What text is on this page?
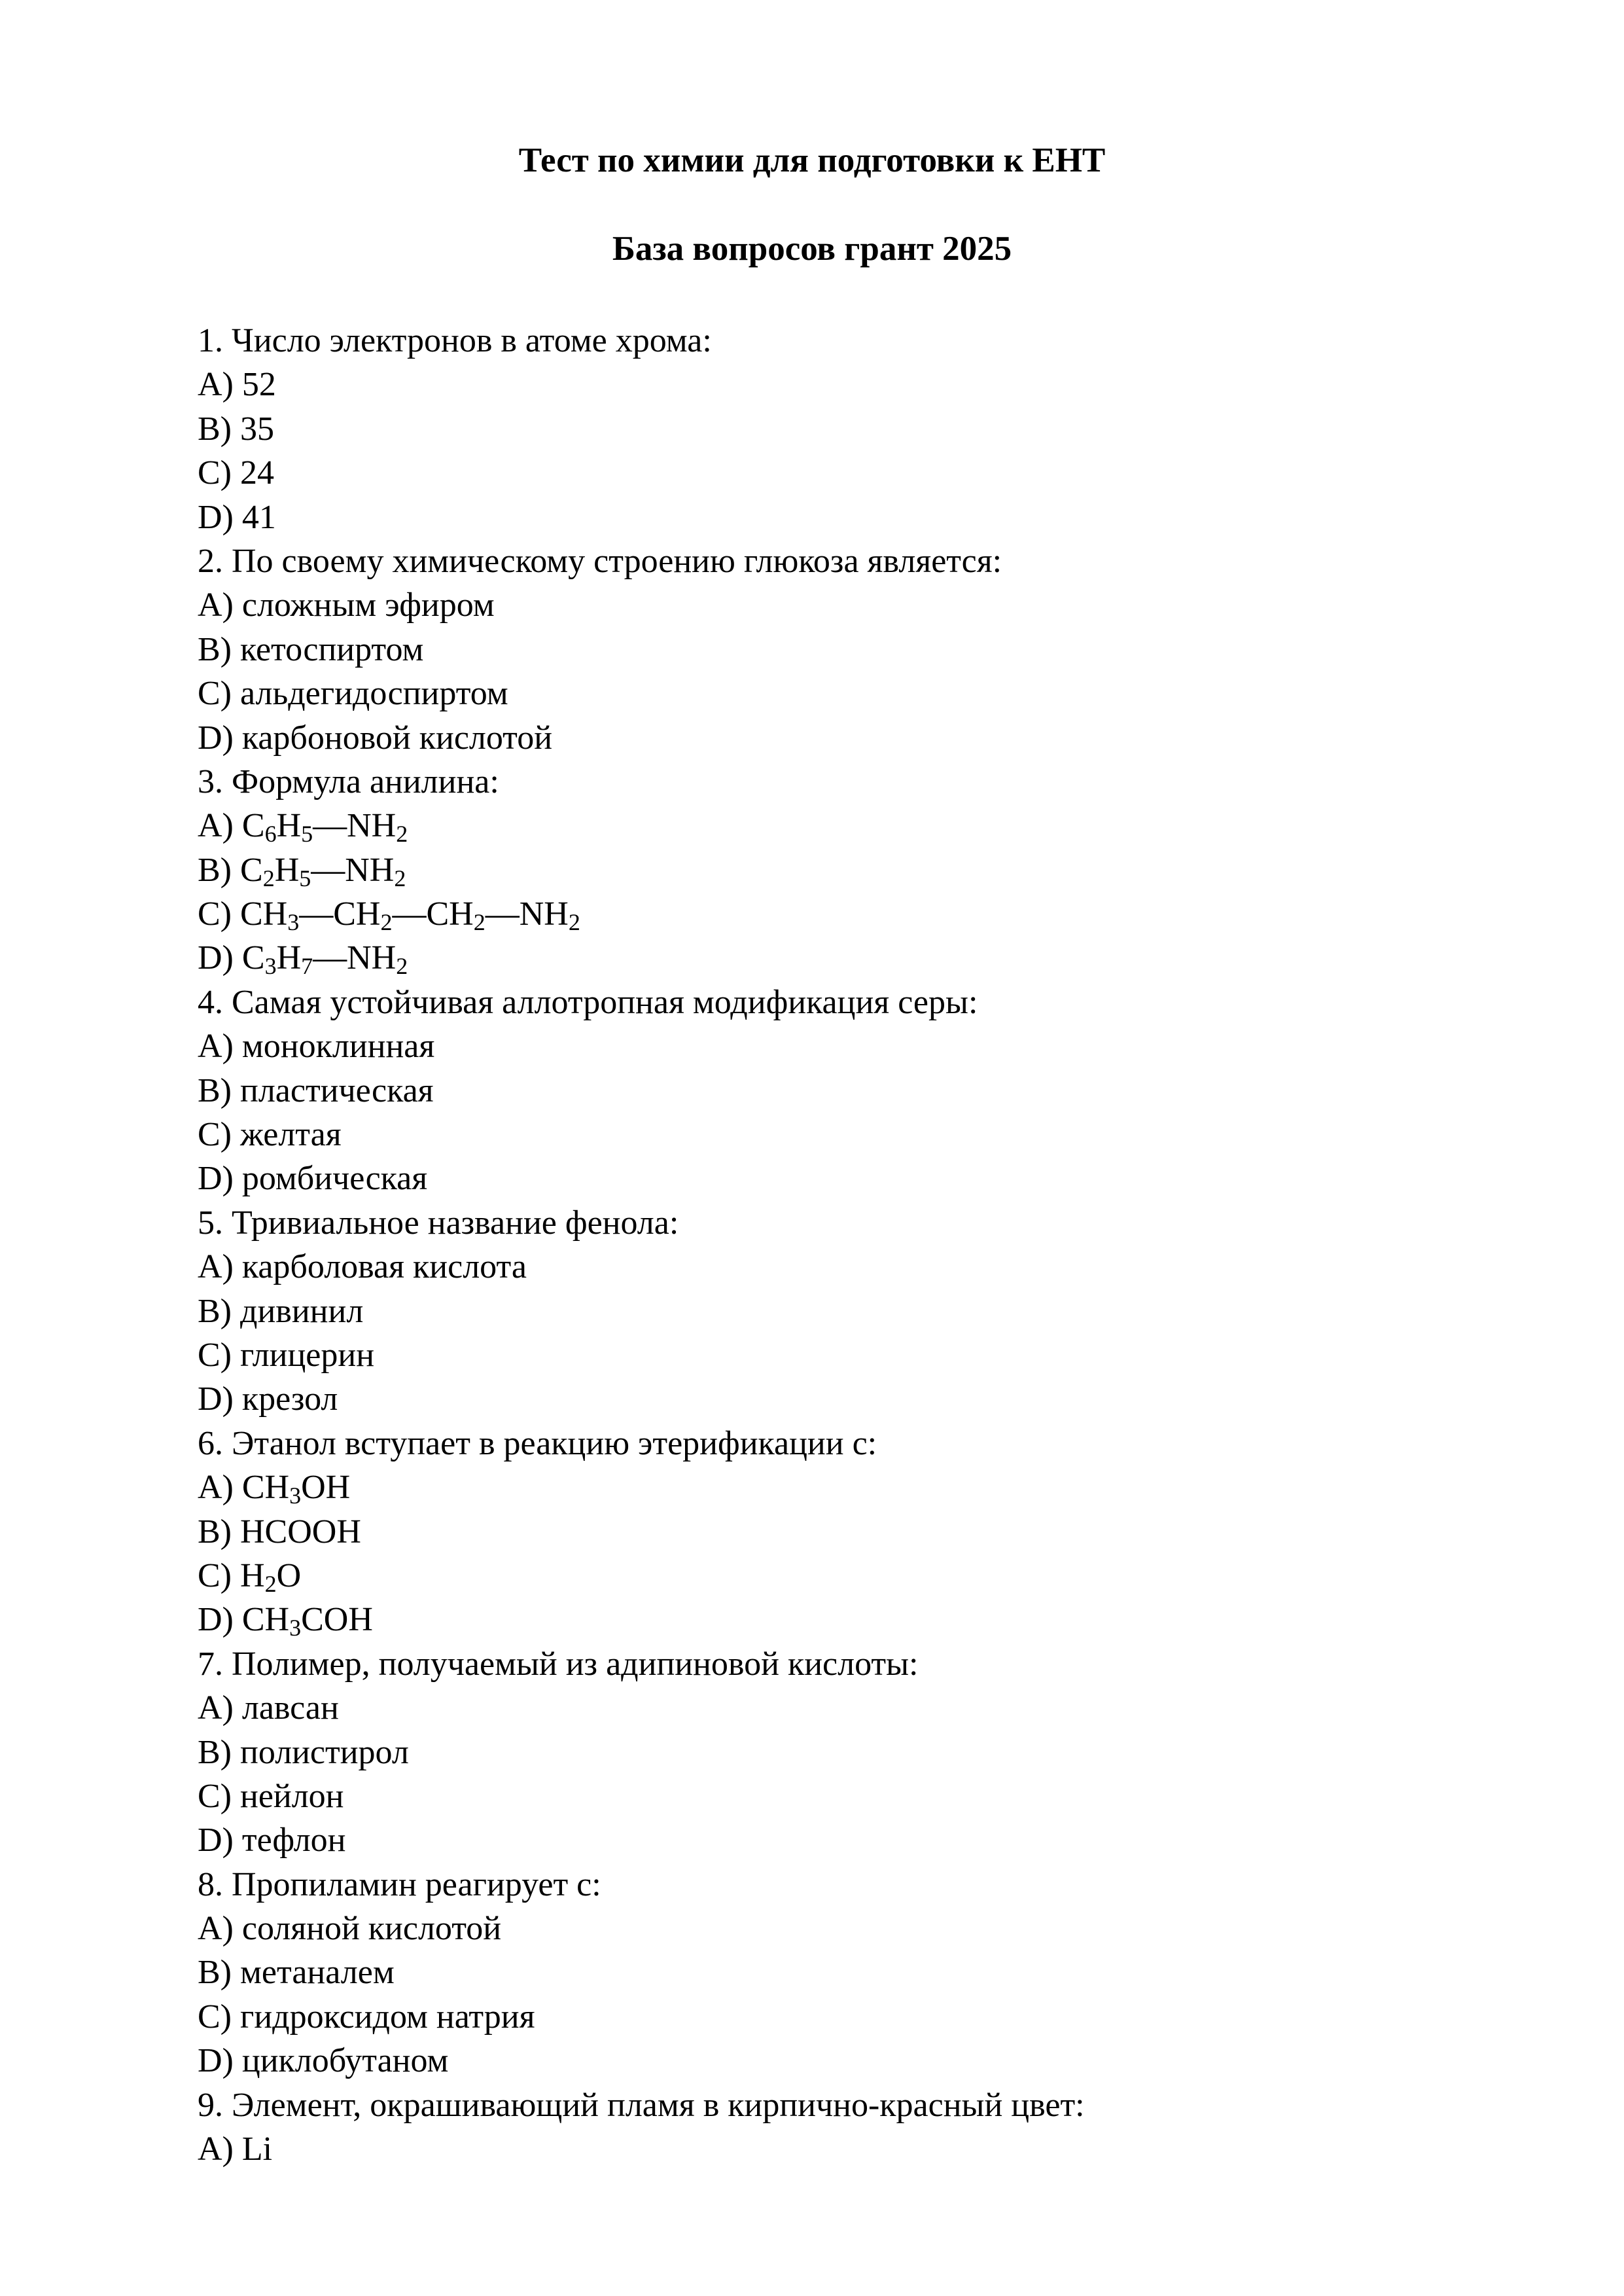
Тест по химии для подготовки к ЕНТ
База вопросов грант 2025
1. Число электронов в атоме хрома:
A) 52
B) 35
C) 24
D) 41
2. По своему химическому строению глюкоза является:
A) сложным эфиром
B) кетоспиртом
C) альдегидоспиртом
D) карбоновой кислотой
3. Формула анилина:
A) $C_6H_5—NH_2$
B) $C_2H_5—NH_2$
C) $CH_3—CH_2—CH_2—NH_2$
D) $C_3H_7—NH_2$
4. Самая устойчивая аллотропная модификация серы:
A) моноклинная
B) пластическая
C) желтая
D) ромбическая
5. Тривиальное название фенола:
A) карболовая кислота
B) дивинил
C) глицерин
D) крезол
6. Этанол вступает в реакцию этерификации с:
A) $CH_3OH$
B) HCOOH
C) $H_2O$
D) $CH_3COH$
7. Полимер, получаемый из адипиновой кислоты:
A) лавсан
B) полистирол
C) нейлон
D) тефлон
8. Пропиламин реагирует с:
A) соляной кислотой
B) метаналем
C) гидроксидом натрия
D) циклобутаном
9. Элемент, окрашивающий пламя в кирпично-красный цвет:
A) Li
